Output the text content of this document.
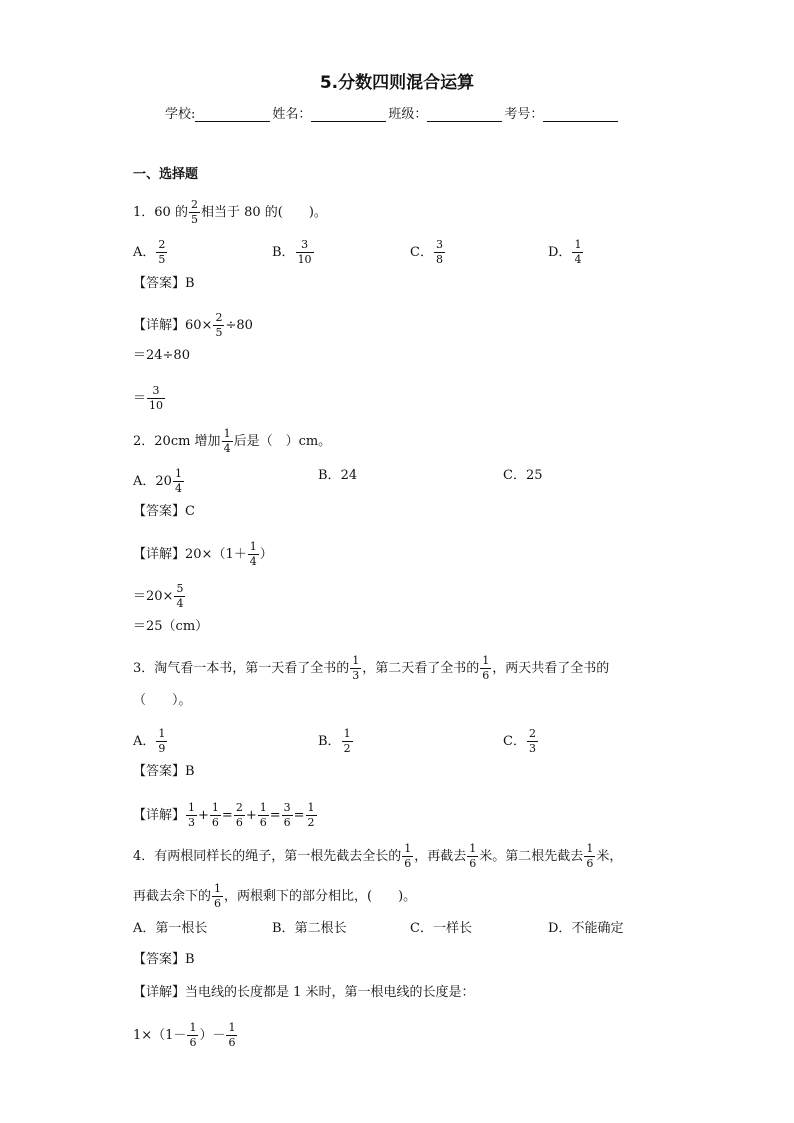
5.分数四则混合运算
学校:	姓名：	班级：	考号：
一、选择题
1．60 的 $\frac{2}{5}$ 相当于 80 的(　　)。
A． $\frac{2}{5}$	B． $\frac{3}{10}$	C． $\frac{3}{8}$	D． $\frac{1}{4}$
【答案】B
【详解】$60\times \frac{2}{5} \div 80$
＝24÷80
＝ $\frac{3}{10}$
2．20cm 增加 $\frac{1}{4}$ 后是（　）cm。
A．$20 \frac{1}{4}$	B．24	C．25
【答案】C
【详解】$20\times(1+ \frac{1}{4}$ ）
$=20\times \frac{5}{4}$
＝25（cm）
3．淘气看一本书，第一天看了全书的 $\frac{1}{3}$ ，第二天看了全书的 $\frac{1}{6}$ ，两天共看了全书的
（　　）。
A． $\frac{1}{9}$	B． $\frac{1}{2}$	C． $\frac{2}{3}$
【答案】B
【详解】 $\frac{1}{3} + \frac{1}{6} = \frac{2}{6} + \frac{1}{6} = \frac{3}{6} = \frac{1}{2}$
4．有两根同样长的绳子，第一根先截去全长的 $\frac{1}{6}$ ，再截去 $\frac{1}{6}$ 米。第二根先截去 $\frac{1}{6}$ 米，
再截去余下的 $\frac{1}{6}$ ，两根剩下的部分相比，(　　)。
A．第一根长	B．第二根长	C．一样长	D．不能确定
【答案】B
【详解】当电线的长度都是 1 米时，第一根电线的长度是：
$1\times(1- \frac{1}{6}$ ）－ $\frac{1}{6}$
